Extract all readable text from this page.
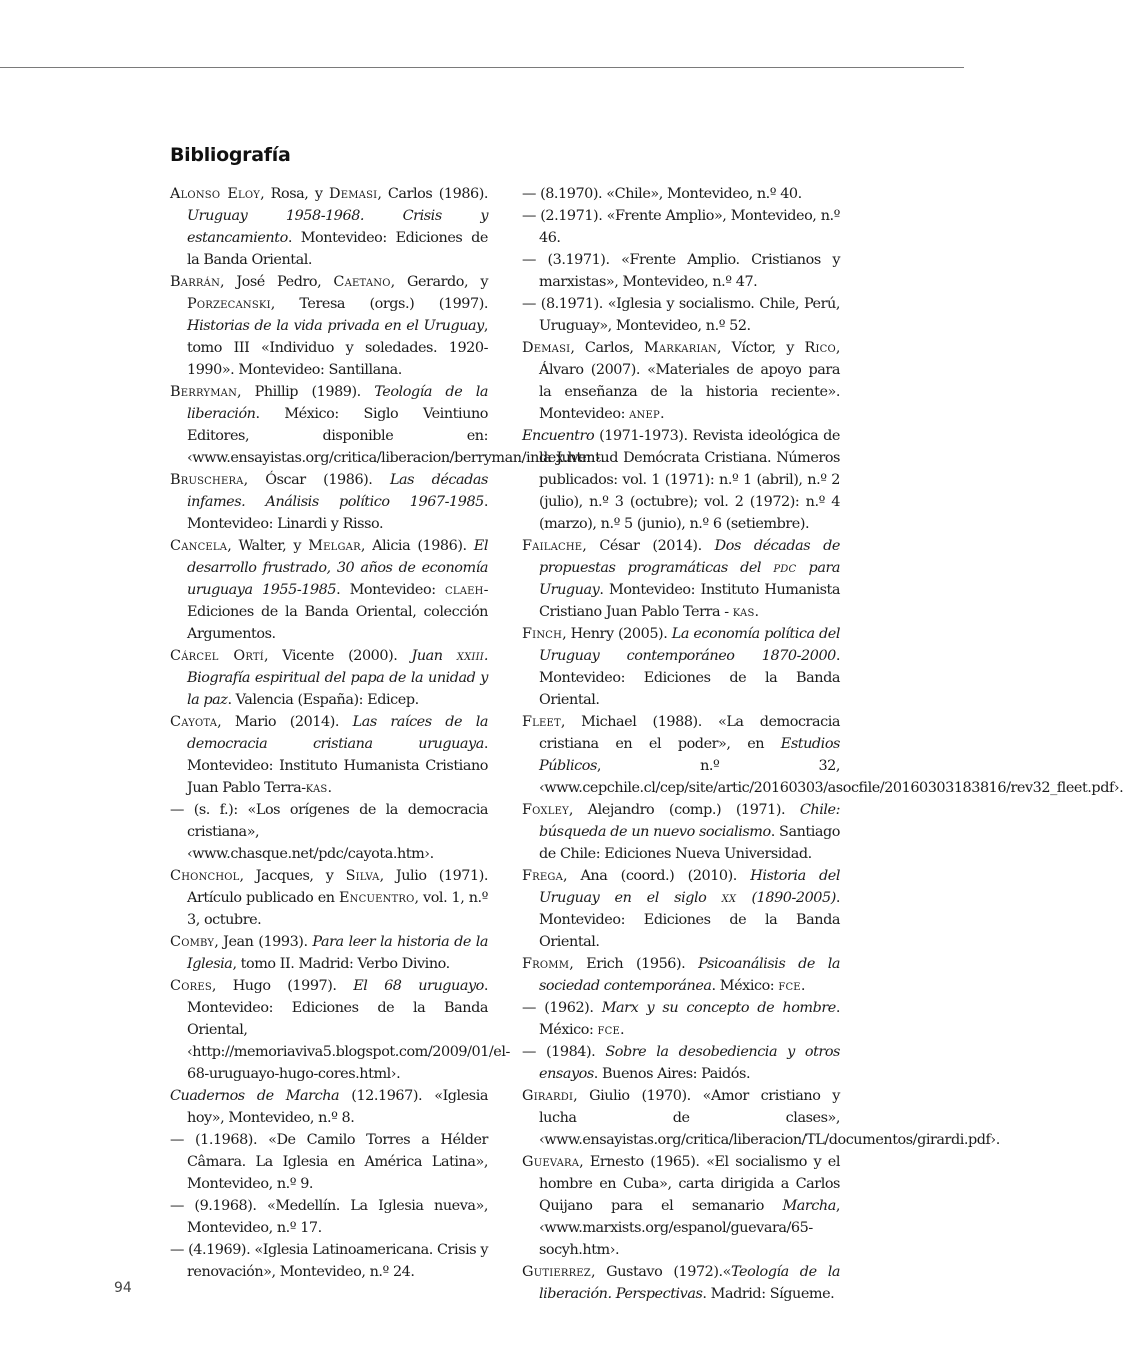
Bibliografía

Alonso Eloy, Rosa, y Demasi, Carlos (1986). Uruguay 1958-1968. Crisis y estancamiento. Montevideo: Ediciones de la Banda Oriental.

Barrán, José Pedro, Caetano, Gerardo, y Porzecanski, Teresa (orgs.) (1997). Historias de la vida privada en el Uruguay, tomo III «Individuo y soledades. 1920-1990». Montevideo: Santillana.

Berryman, Phillip (1989). Teología de la liberación. México: Siglo Veintiuno Editores, disponible en: ‹www.ensayistas.org/critica/liberacion/berryman/index.htm›.

Bruschera, Óscar (1986). Las décadas infames. Análisis político 1967-1985. Montevideo: Linardi y Risso.

Cancela, Walter, y Melgar, Alicia (1986). El desarrollo frustrado, 30 años de economía uruguaya 1955-1985. Montevideo: claeh-Ediciones de la Banda Oriental, colección Argumentos.

Cárcel Ortí, Vicente (2000). Juan xxiii. Biografía espiritual del papa de la unidad y la paz. Valencia (España): Edicep.

Cayota, Mario (2014). Las raíces de la democracia cristiana uruguaya. Montevideo: Instituto Humanista Cristiano Juan Pablo Terra-kas.

— (s. f.): «Los orígenes de la democracia cristiana», ‹www.chasque.net/pdc/cayota.htm›.

Chonchol, Jacques, y Silva, Julio (1971). Artículo publicado en Encuentro, vol. 1, n.º 3, octubre.

Comby, Jean (1993). Para leer la historia de la Iglesia, tomo II. Madrid: Verbo Divino.

Cores, Hugo (1997). El 68 uruguayo. Montevideo: Ediciones de la Banda Oriental, ‹http://memoriaviva5.blogspot.com/2009/01/el-68-uruguayo-hugo-cores.html›.

Cuadernos de Marcha (12.1967). «Iglesia hoy», Montevideo, n.º 8.

— (1.1968). «De Camilo Torres a Hélder Câmara. La Iglesia en América Latina», Montevideo, n.º 9.

— (9.1968). «Medellín. La Iglesia nueva», Montevideo, n.º 17.

— (4.1969). «Iglesia Latinoamericana. Crisis y renovación», Montevideo, n.º 24.

— (8.1970). «Chile», Montevideo, n.º 40.

— (2.1971). «Frente Amplio», Montevideo, n.º 46.

— (3.1971). «Frente Amplio. Cristianos y marxistas», Montevideo, n.º 47.

— (8.1971). «Iglesia y socialismo. Chile, Perú, Uruguay», Montevideo, n.º 52.

Demasi, Carlos, Markarian, Víctor, y Rico, Álvaro (2007). «Materiales de apoyo para la enseñanza de la historia reciente». Montevideo: anep.

Encuentro (1971-1973). Revista ideológica de la Juventud Demócrata Cristiana. Números publicados: vol. 1 (1971): n.º 1 (abril), n.º 2 (julio), n.º 3 (octubre); vol. 2 (1972): n.º 4 (marzo), n.º 5 (junio), n.º 6 (setiembre).

Failache, César (2014). Dos décadas de propuestas programáticas del pdc para Uruguay. Montevideo: Instituto Humanista Cristiano Juan Pablo Terra - kas.

Finch, Henry (2005). La economía política del Uruguay contemporáneo 1870-2000. Montevideo: Ediciones de la Banda Oriental.

Fleet, Michael (1988). «La democracia cristiana en el poder», en Estudios Públicos, n.º 32, ‹www.cepchile.cl/cep/site/artic/20160303/asocfile/20160303183816/rev32_fleet.pdf›.

Foxley, Alejandro (comp.) (1971). Chile: búsqueda de un nuevo socialismo. Santiago de Chile: Ediciones Nueva Universidad.

Frega, Ana (coord.) (2010). Historia del Uruguay en el siglo xx (1890-2005). Montevideo: Ediciones de la Banda Oriental.

Fromm, Erich (1956). Psicoanálisis de la sociedad contemporánea. México: fce.

— (1962). Marx y su concepto de hombre. México: fce.

— (1984). Sobre la desobediencia y otros ensayos. Buenos Aires: Paidós.

Girardi, Giulio (1970). «Amor cristiano y lucha de clases», ‹www.ensayistas.org/critica/liberacion/TL/documentos/girardi.pdf›.

Guevara, Ernesto (1965). «El socialismo y el hombre en Cuba», carta dirigida a Carlos Quijano para el semanario Marcha, ‹www.marxists.org/espanol/guevara/65-socyh.htm›.

Gutierrez, Gustavo (1972).«Teología de la liberación. Perspectivas. Madrid: Sígueme.

94
